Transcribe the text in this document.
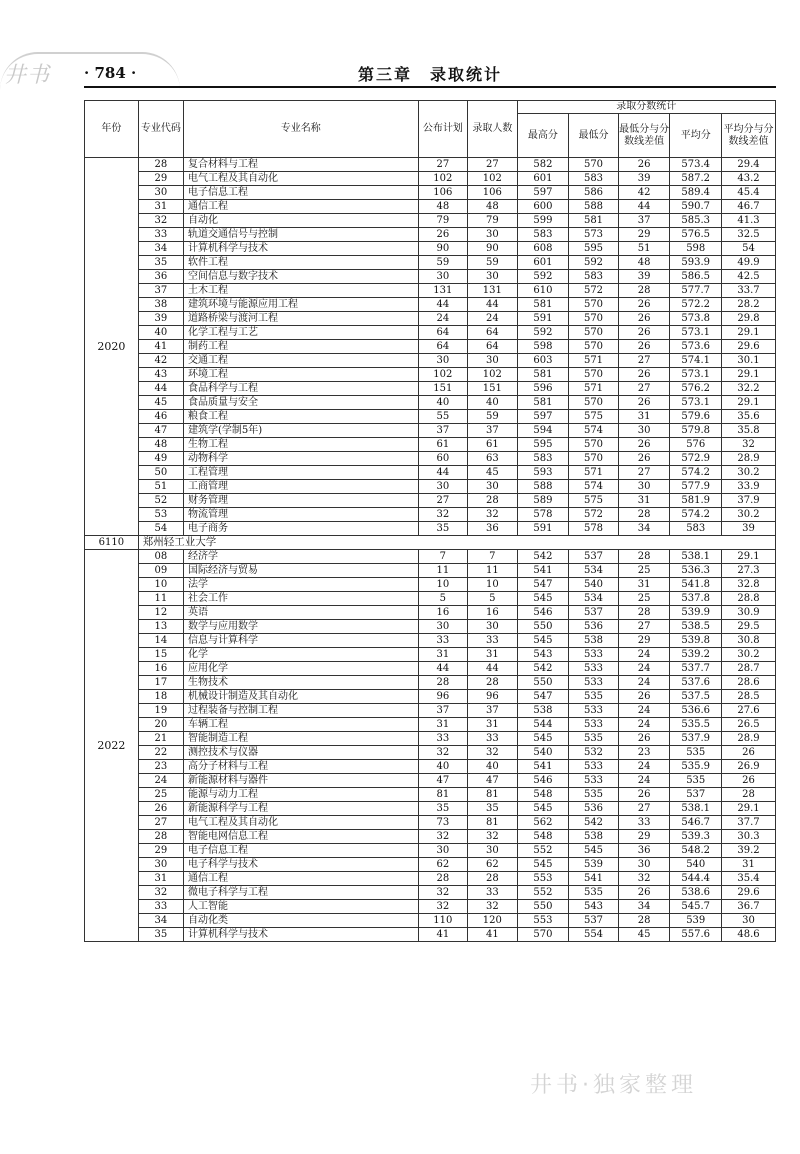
井书 · 784 ·	第三章　录取统计
年份	专业代码	专业名称	公布计划	录取人数	录取分数统计				
					最高分	最低分	最低分与分数线差值	平均分	平均分与分数线差值
2020	28	复合材料与工程	27	27	582	570	26	573.4	29.4
	29	电气工程及其自动化	102	102	601	583	39	587.2	43.2
	30	电子信息工程	106	106	597	586	42	589.4	45.4
	31	通信工程	48	48	600	588	44	590.7	46.7
	32	自动化	79	79	599	581	37	585.3	41.3
	33	轨道交通信号与控制	26	30	583	573	29	576.5	32.5
	34	计算机科学与技术	90	90	608	595	51	598	54
	35	软件工程	59	59	601	592	48	593.9	49.9
	36	空间信息与数字技术	30	30	592	583	39	586.5	42.5
	37	土木工程	131	131	610	572	28	577.7	33.7
	38	建筑环境与能源应用工程	44	44	581	570	26	572.2	28.2
	39	道路桥梁与渡河工程	24	24	591	570	26	573.8	29.8
	40	化学工程与工艺	64	64	592	570	26	573.1	29.1
	41	制药工程	64	64	598	570	26	573.6	29.6
	42	交通工程	30	30	603	571	27	574.1	30.1
	43	环境工程	102	102	581	570	26	573.1	29.1
	44	食品科学与工程	151	151	596	571	27	576.2	32.2
	45	食品质量与安全	40	40	581	570	26	573.1	29.1
	46	粮食工程	55	59	597	575	31	579.6	35.6
	47	建筑学(学制5年)	37	37	594	574	30	579.8	35.8
	48	生物工程	61	61	595	570	26	576	32
	49	动物科学	60	63	583	570	26	572.9	28.9
	50	工程管理	44	45	593	571	27	574.2	30.2
	51	工商管理	30	30	588	574	30	577.9	33.9
	52	财务管理	27	28	589	575	31	581.9	37.9
	53	物流管理	32	32	578	572	28	574.2	30.2
	54	电子商务	35	36	591	578	34	583	39
6110	郑州轻工业大学								
2022	08	经济学	7	7	542	537	28	538.1	29.1
	09	国际经济与贸易	11	11	541	534	25	536.3	27.3
	10	法学	10	10	547	540	31	541.8	32.8
	11	社会工作	5	5	545	534	25	537.8	28.8
	12	英语	16	16	546	537	28	539.9	30.9
	13	数学与应用数学	30	30	550	536	27	538.5	29.5
	14	信息与计算科学	33	33	545	538	29	539.8	30.8
	15	化学	31	31	543	533	24	539.2	30.2
	16	应用化学	44	44	542	533	24	537.7	28.7
	17	生物技术	28	28	550	533	24	537.6	28.6
	18	机械设计制造及其自动化	96	96	547	535	26	537.5	28.5
	19	过程装备与控制工程	37	37	538	533	24	536.6	27.6
	20	车辆工程	31	31	544	533	24	535.5	26.5
	21	智能制造工程	33	33	545	535	26	537.9	28.9
	22	测控技术与仪器	32	32	540	532	23	535	26
	23	高分子材料与工程	40	40	541	533	24	535.9	26.9
	24	新能源材料与器件	47	47	546	533	24	535	26
	25	能源与动力工程	81	81	548	535	26	537	28
	26	新能源科学与工程	35	35	545	536	27	538.1	29.1
	27	电气工程及其自动化	73	81	562	542	33	546.7	37.7
	28	智能电网信息工程	32	32	548	538	29	539.3	30.3
	29	电子信息工程	30	30	552	545	36	548.2	39.2
	30	电子科学与技术	62	62	545	539	30	540	31
	31	通信工程	28	28	553	541	32	544.4	35.4
	32	微电子科学与工程	32	33	552	535	26	538.6	29.6
	33	人工智能	32	32	550	543	34	545.7	36.7
	34	自动化类	110	120	553	537	28	539	30
	35	计算机科学与技术	41	41	570	554	45	557.6	48.6
井书·独家整理
